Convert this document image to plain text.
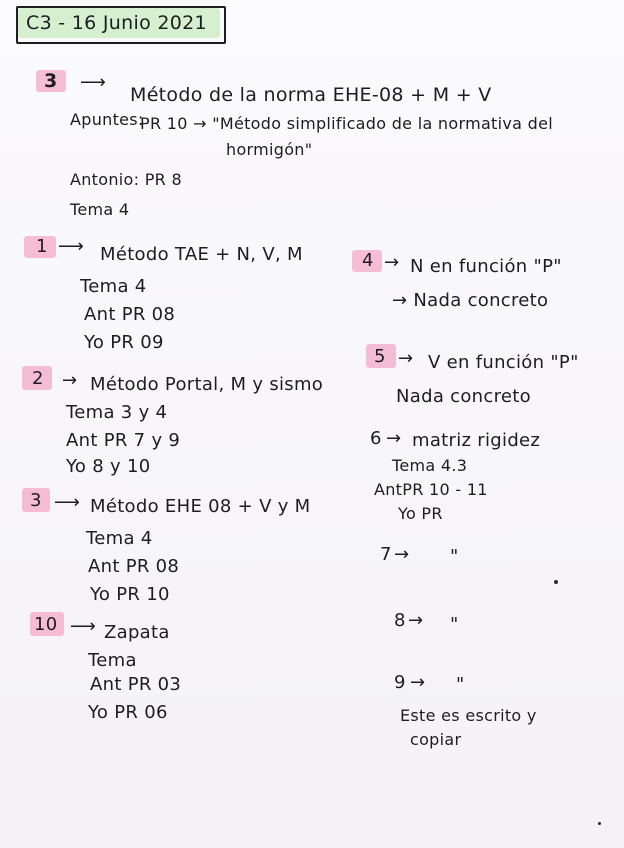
C3 - 16 Junio 2021
3 ⟶
Método de la norma EHE-08 + M + V
Apuntes:
PR 10 → "Método simplificado de la normativa del
hormigón"
Antonio: PR 8
Tema 4
1 ⟶ Método TAE + N, V, M
Tema 4
Ant PR 08
Yo PR 09
2 → Método Portal, M y sismo
Tema 3 y 4
Ant PR 7 y 9
Yo 8 y 10
3 ⟶ Método EHE 08 + V y M
Tema 4
Ant PR 08
Yo PR 10
10 ⟶ Zapata
Tema
Ant PR 03
Yo PR 06
4 → N en función "P"
→ Nada concreto
5 → V en función "P"
Nada concreto
6 → matriz rigidez
Tema 4.3
AntPR 10 - 11
Yo PR
7 → "
8 → "
9 → "
Este es escrito y
copiar
